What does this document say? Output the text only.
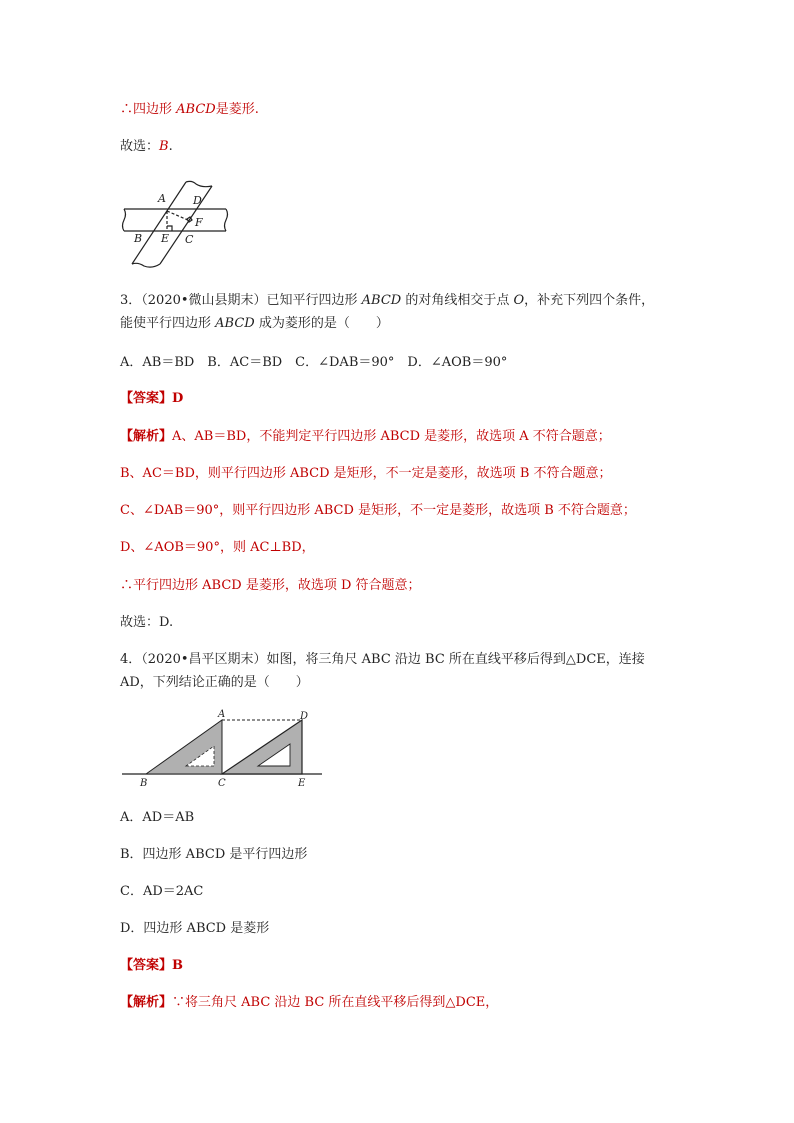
∴四边形 ABCD是菱形.
故选：B.
A D
F
B E C
3．（2020•微山县期末）已知平行四边形 ABCD 的对角线相交于点 O，补充下列四个条件，
能使平行四边形 ABCD 成为菱形的是（　　）
A．AB＝BD　B．AC＝BD　C．∠DAB＝90°　D．∠AOB＝90°
【答案】D
【解析】A、AB＝BD，不能判定平行四边形 ABCD 是菱形，故选项 A 不符合题意；
B、AC＝BD，则平行四边形 ABCD 是矩形，不一定是菱形，故选项 B 不符合题意；
C、∠DAB＝90°，则平行四边形 ABCD 是矩形，不一定是菱形，故选项 B 不符合题意；
D、∠AOB＝90°，则 AC⊥BD，
∴平行四边形 ABCD 是菱形，故选项 D 符合题意；
故选：D.
4．（2020•昌平区期末）如图，将三角尺 ABC 沿边 BC 所在直线平移后得到△DCE，连接
AD，下列结论正确的是（　　）
A	D
B	C	E
A．AD＝AB
B．四边形 ABCD 是平行四边形
C．AD＝2AC
D．四边形 ABCD 是菱形
【答案】B
【解析】∵将三角尺 ABC 沿边 BC 所在直线平移后得到△DCE，
